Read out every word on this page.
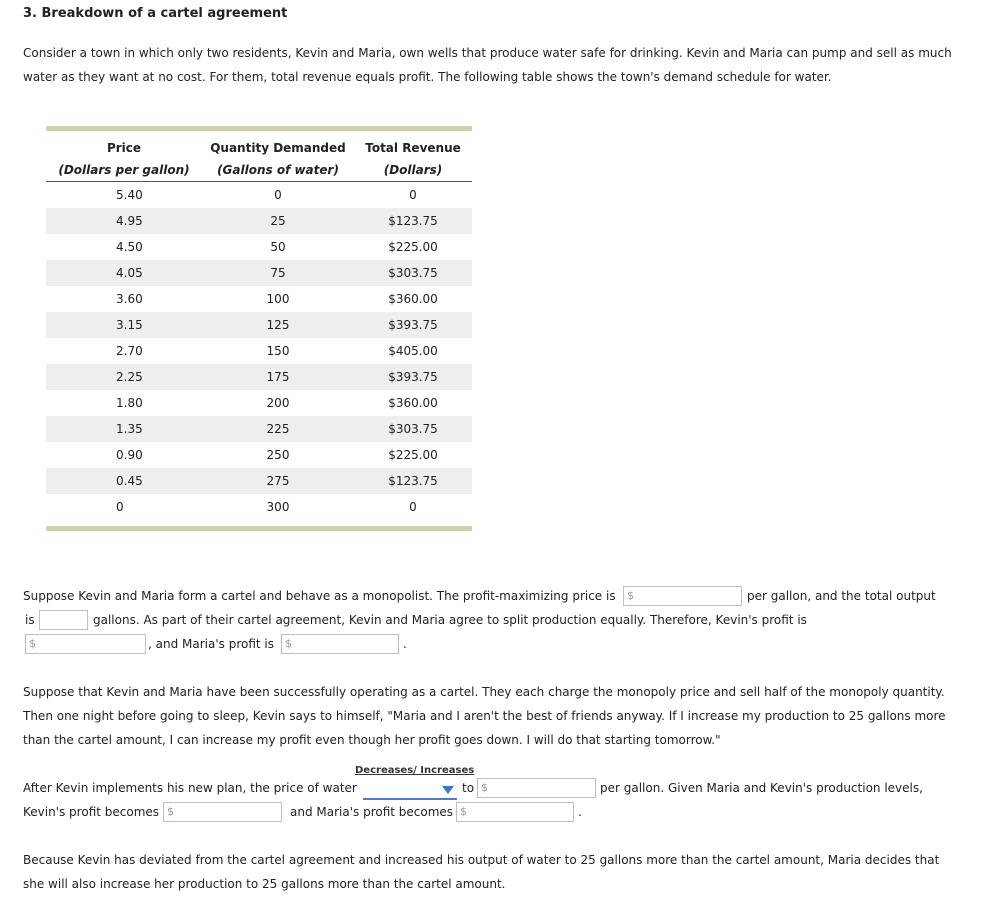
3. Breakdown of a cartel agreement
Consider a town in which only two residents, Kevin and Maria, own wells that produce water safe for drinking. Kevin and Maria can pump and sell as much water as they want at no cost. For them, total revenue equals profit. The following table shows the town's demand schedule for water.

Price	Quantity Demanded	Total Revenue
(Dollars per gallon)	(Gallons of water)	(Dollars)
5.40	0	0
4.95	25	$123.75
4.50	50	$225.00
4.05	75	$303.75
3.60	100	$360.00
3.15	125	$393.75
2.70	150	$405.00
2.25	175	$393.75
1.80	200	$360.00
1.35	225	$303.75
0.90	250	$225.00
0.45	275	$123.75
0	300	0
Suppose Kevin and Maria form a cartel and behave as a monopolist. The profit-maximizing price is $	per gallon, and the total output
is	gallons. As part of their cartel agreement, Kevin and Maria agree to split production equally. Therefore, Kevin's profit is
$	, and Maria's profit is $	.
Suppose that Kevin and Maria have been successfully operating as a cartel. They each charge the monopoly price and sell half of the monopoly quantity. Then one night before going to sleep, Kevin says to himself, "Maria and I aren't the best of friends anyway. If I increase my production to 25 gallons more than the cartel amount, I can increase my profit even though her profit goes down. I will do that starting tomorrow."
Decreases/ Increases
After Kevin implements his new plan, the price of water	to $	per gallon. Given Maria and Kevin's production levels,
Kevin's profit becomes $	and Maria's profit becomes $	.
Because Kevin has deviated from the cartel agreement and increased his output of water to 25 gallons more than the cartel amount, Maria decides that she will also increase her production to 25 gallons more than the cartel amount.
